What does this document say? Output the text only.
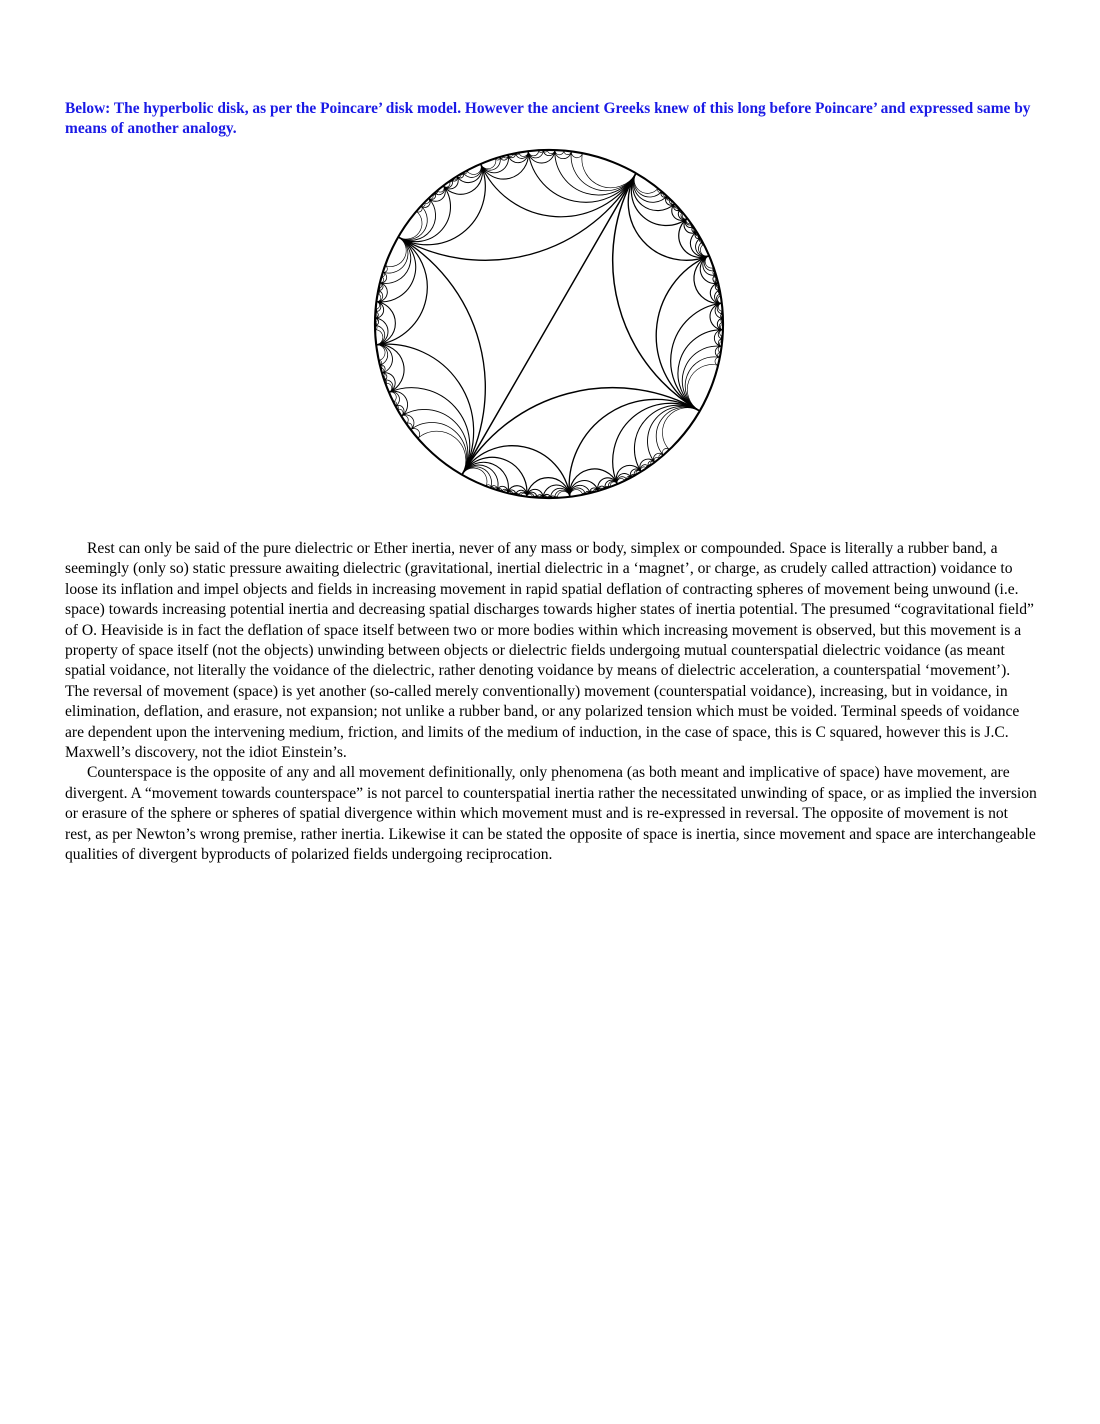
Below: The hyperbolic disk, as per the Poincare’ disk model. However the ancient Greeks knew of this long before Poincare’ and expressed same by means of another analogy.

Rest can only be said of the pure dielectric or Ether inertia, never of any mass or body, simplex or compounded. Space is literally a rubber band, a seemingly (only so) static pressure awaiting dielectric (gravitational, inertial dielectric in a ‘magnet’, or charge, as crudely called attraction) voidance to loose its inflation and impel objects and fields in increasing movement in rapid spatial deflation of contracting spheres of movement being unwound (i.e. space) towards increasing potential inertia and decreasing spatial discharges towards higher states of inertia potential. The presumed “cogravitational field” of O. Heaviside is in fact the deflation of space itself between two or more bodies within which increasing movement is observed, but this movement is a property of space itself (not the objects) unwinding between objects or dielectric fields undergoing mutual counterspatial dielectric voidance (as meant spatial voidance, not literally the voidance of the dielectric, rather denoting voidance by means of dielectric acceleration, a counterspatial ‘movement’). The reversal of movement (space) is yet another (so-called merely conventionally) movement (counterspatial voidance), increasing, but in voidance, in elimination, deflation, and erasure, not expansion; not unlike a rubber band, or any polarized tension which must be voided. Terminal speeds of voidance are dependent upon the intervening medium, friction, and limits of the medium of induction, in the case of space, this is C squared, however this is J.C. Maxwell’s discovery, not the idiot Einstein’s.

Counterspace is the opposite of any and all movement definitionally, only phenomena (as both meant and implicative of space) have movement, are divergent. A “movement towards counterspace” is not parcel to counterspatial inertia rather the necessitated unwinding of space, or as implied the inversion or erasure of the sphere or spheres of spatial divergence within which movement must and is re-expressed in reversal. The opposite of movement is not rest, as per Newton’s wrong premise, rather inertia. Likewise it can be stated the opposite of space is inertia, since movement and space are interchangeable qualities of divergent byproducts of polarized fields undergoing reciprocation.
